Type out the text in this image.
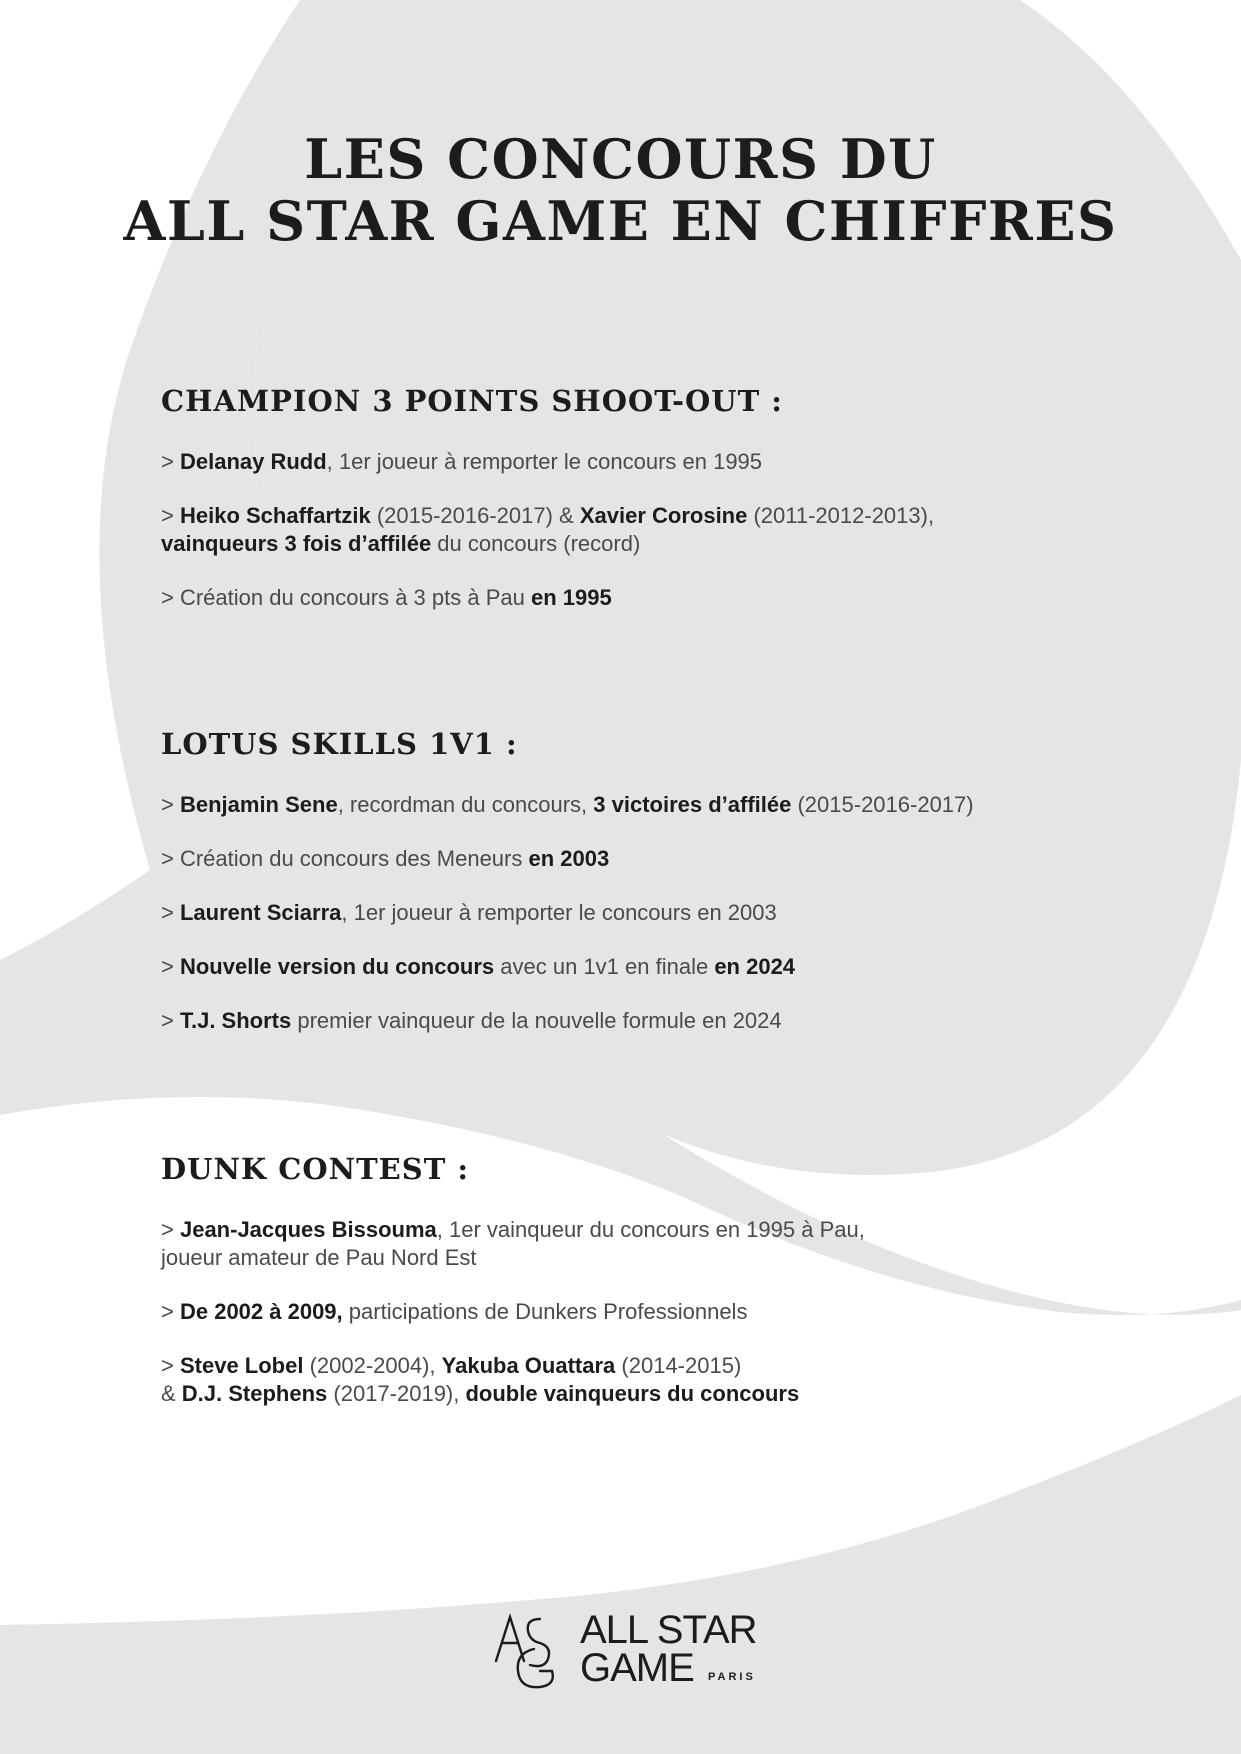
LES CONCOURS DU
ALL STAR GAME EN CHIFFRES
CHAMPION 3 POINTS SHOOT-OUT :

> Delanay Rudd, 1er joueur à remporter le concours en 1995

> Heiko Schaffartzik (2015-2016-2017) & Xavier Corosine (2011-2012-2013),
vainqueurs 3 fois d’affilée du concours (record)

> Création du concours à 3 pts à Pau en 1995

LOTUS SKILLS 1V1 :

> Benjamin Sene, recordman du concours, 3 victoires d’affilée (2015-2016-2017)

> Création du concours des Meneurs en 2003

> Laurent Sciarra, 1er joueur à remporter le concours en 2003

> Nouvelle version du concours avec un 1v1 en finale en 2024

> T.J. Shorts premier vainqueur de la nouvelle formule en 2024

DUNK CONTEST :

> Jean-Jacques Bissouma, 1er vainqueur du concours en 1995 à Pau,
joueur amateur de Pau Nord Est

> De 2002 à 2009, participations de Dunkers Professionnels

> Steve Lobel (2002-2004), Yakuba Ouattara (2014-2015)
& D.J. Stephens (2017-2019), double vainqueurs du concours

ALL STAR
GAME	PARIS
